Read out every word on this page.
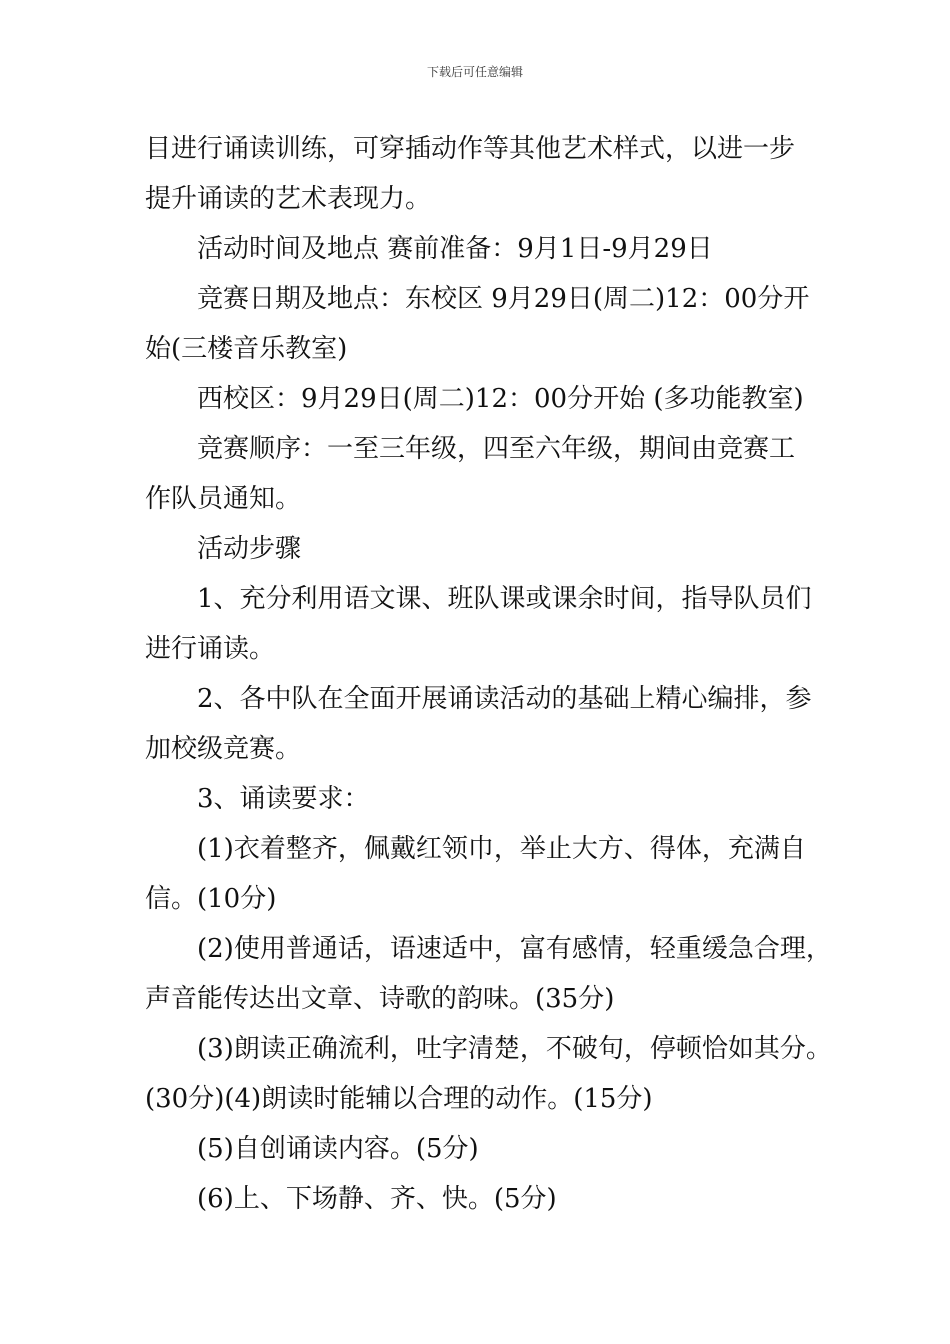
下载后可任意编辑
目进行诵读训练，可穿插动作等其他艺术样式，以进一步
提升诵读的艺术表现力。
活动时间及地点 赛前准备：9月1日-9月29日
竞赛日期及地点：东校区 9月29日(周二)12：00分开
始(三楼音乐教室)
西校区：9月29日(周二)12：00分开始 (多功能教室)
竞赛顺序：一至三年级，四至六年级，期间由竞赛工
作队员通知。
活动步骤
1、充分利用语文课、班队课或课余时间，指导队员们
进行诵读。
2、各中队在全面开展诵读活动的基础上精心编排，参
加校级竞赛。
3、诵读要求：
(1)衣着整齐，佩戴红领巾，举止大方、得体，充满自
信。(10分)
(2)使用普通话，语速适中，富有感情，轻重缓急合理，
声音能传达出文章、诗歌的韵味。(35分)
(3)朗读正确流利，吐字清楚，不破句，停顿恰如其分。
(30分)(4)朗读时能辅以合理的动作。(15分)
(5)自创诵读内容。(5分)
(6)上、下场静、齐、快。(5分)
